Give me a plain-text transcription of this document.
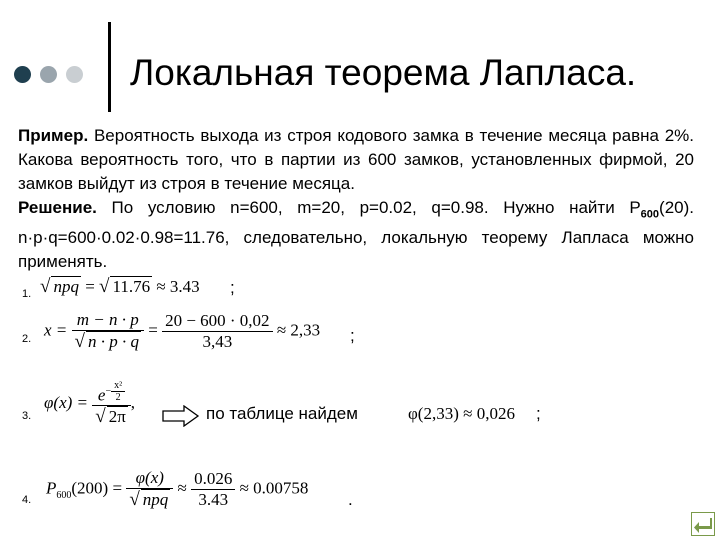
Локальная теорема Лапласа.
Пример. Вероятность выхода из строя кодового замка в течение месяца равна 2%. Какова вероятность того, что в партии из 600 замков, установленных фирмой, 20 замков выйдут из строя в течение месяца.
Решение. По условию n=600, m=20, p=0.02, q=0.98. Нужно найти $P_{600}(20)$. n·p·q=600·0.02·0.98=11.76, следовательно, локальную теорему Лапласа можно применять.
1. √ npq = √ 11.76 ≈ 3.43 ;
2. $x = \frac{m - n \cdot p}{√ n \cdot p \cdot q} = \frac{20 - 600 \cdot 0,02}{3,43} \approx 2,33$ ;
3.
$\varphi(x) = e^{- \frac{\text{x²}}{2}}$
√ 2π ,
по таблице найдем	φ(2,33) ≈ 0,026 ;
4.
$P_{600}(200) = \frac{\varphi(x)}{\text{√ npq}} \approx \frac{0.026}{3.43} \approx 0.00758$
.
